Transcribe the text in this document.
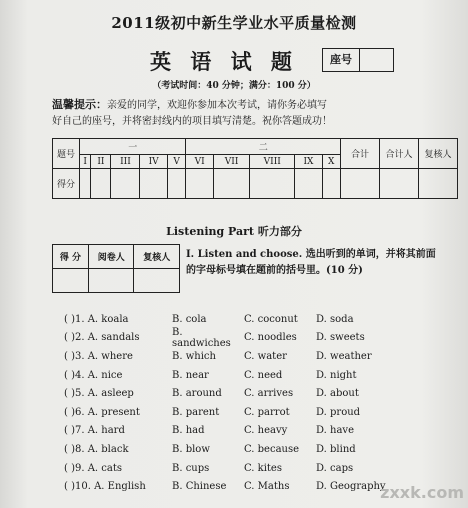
2011级初中新生学业水平质量检测
英 语 试 题	座号
（考试时间：40 分钟；满分：100 分）
温馨提示：亲爱的同学，欢迎你参加本次考试，请你务必填写
好自己的座号，并将密封线内的项目填写清楚。祝你答题成功！
题号	一					二					合计	合计人	复核人
	I	II	III	IV	V	VI	VII	VIII	IX	X			
得分													
Listening Part 听力部分
得 分	阅卷人	复核人
		I. Listen and choose. 选出听到的单词，并将其前面
的字母标号填在题前的括号里。(10 分)
( )1. A. koala	B. cola	C. coconut	D. soda
( )2. A. sandals	B. sandwiches	C. noodles	D. sweets
( )3. A. where	B. which	C. water	D. weather
( )4. A. nice	B. near	C. need	D. night
( )5. A. asleep	B. around	C. arrives	D. about
( )6. A. present	B. parent	C. parrot	D. proud
( )7. A. hard	B. had	C. heavy	D. have
( )8. A. black	B. blow	C. because	D. blind
( )9. A. cats	B. cups	C. kites	D. caps
( )10. A. English	B. Chinese	C. Maths	D. Geography
zxxk.com
